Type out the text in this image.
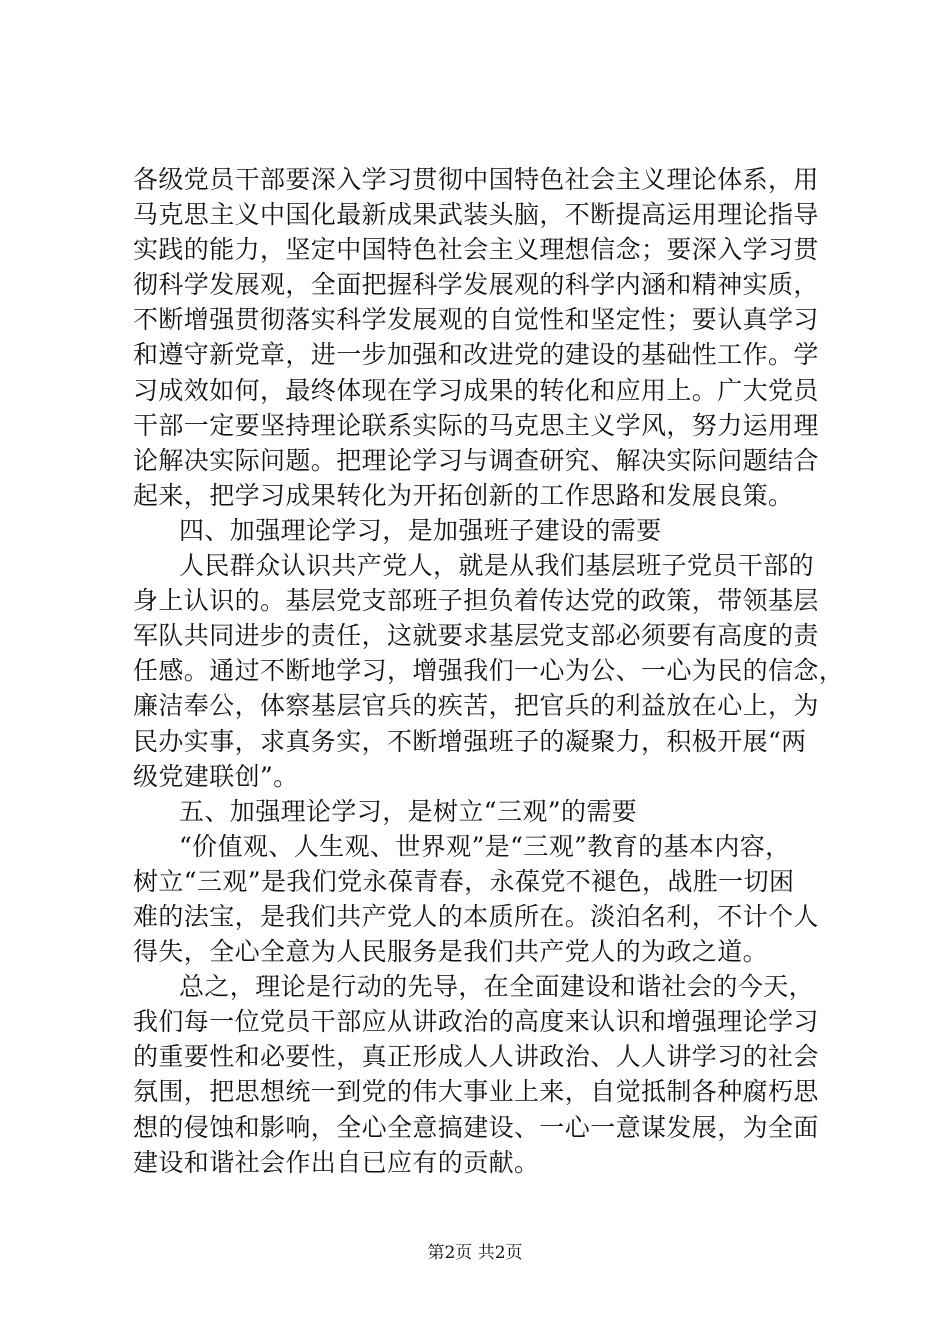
各级党员干部要深入学习贯彻中国特色社会主义理论体系，用
马克思主义中国化最新成果武装头脑，不断提高运用理论指导
实践的能力，坚定中国特色社会主义理想信念；要深入学习贯
彻科学发展观，全面把握科学发展观的科学内涵和精神实质，
不断增强贯彻落实科学发展观的自觉性和坚定性；要认真学习
和遵守新党章，进一步加强和改进党的建设的基础性工作。学
习成效如何，最终体现在学习成果的转化和应用上。广大党员
干部一定要坚持理论联系实际的马克思主义学风，努力运用理
论解决实际问题。把理论学习与调查研究、解决实际问题结合
起来，把学习成果转化为开拓创新的工作思路和发展良策。
四、加强理论学习，是加强班子建设的需要
人民群众认识共产党人，就是从我们基层班子党员干部的
身上认识的。基层党支部班子担负着传达党的政策，带领基层
军队共同进步的责任，这就要求基层党支部必须要有高度的责
任感。通过不断地学习，增强我们一心为公、一心为民的信念，
廉洁奉公，体察基层官兵的疾苦，把官兵的利益放在心上，为
民办实事，求真务实，不断增强班子的凝聚力，积极开展“两
级党建联创”。
五、加强理论学习，是树立“三观”的需要
“价值观、人生观、世界观”是“三观”教育的基本内容，
树立“三观”是我们党永葆青春，永葆党不褪色，战胜一切困
难的法宝，是我们共产党人的本质所在。淡泊名利，不计个人
得失，全心全意为人民服务是我们共产党人的为政之道。
总之，理论是行动的先导，在全面建设和谐社会的今天，
我们每一位党员干部应从讲政治的高度来认识和增强理论学习
的重要性和必要性，真正形成人人讲政治、人人讲学习的社会
氛围，把思想统一到党的伟大事业上来，自觉抵制各种腐朽思
想的侵蚀和影响，全心全意搞建设、一心一意谋发展，为全面
建设和谐社会作出自已应有的贡献。
第2页 共2页
